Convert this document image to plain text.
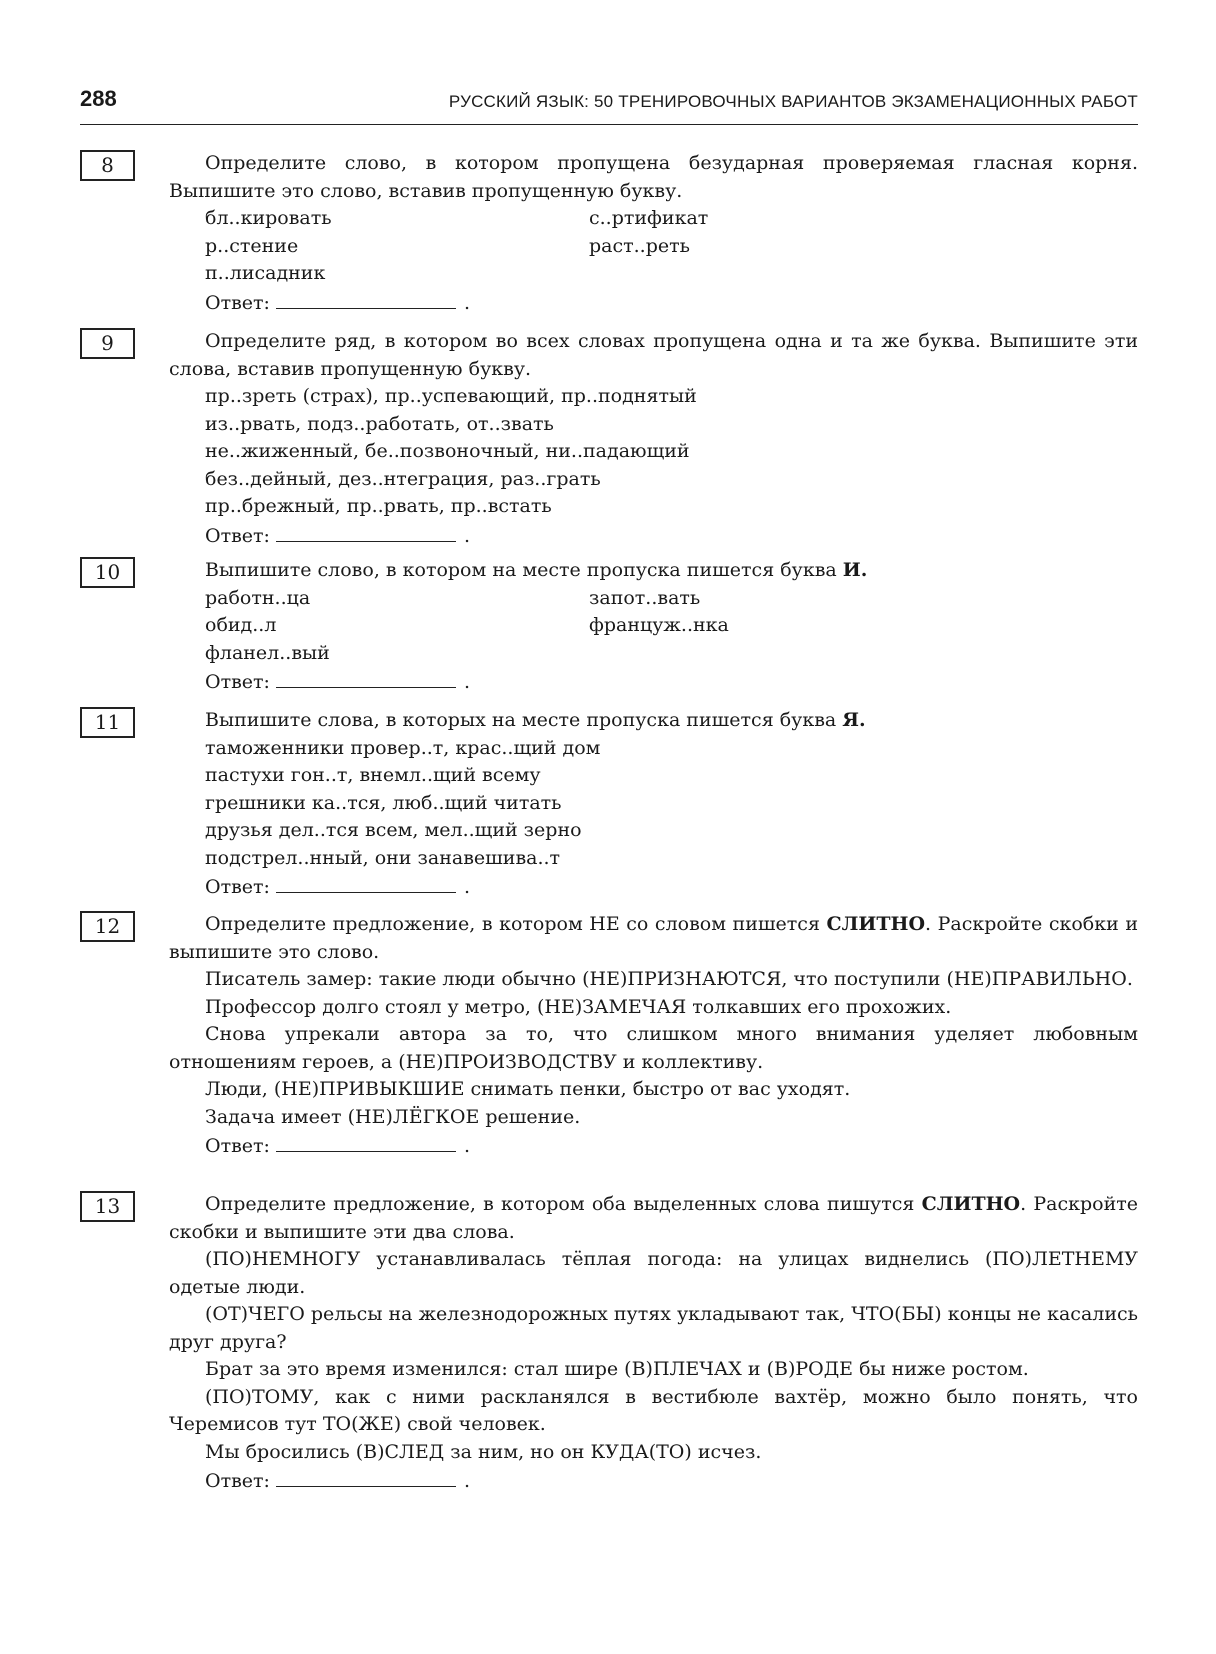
288	РУССКИЙ ЯЗЫК: 50 ТРЕНИРОВОЧНЫХ ВАРИАНТОВ ЭКЗАМЕНАЦИОННЫХ РАБОТ
8	Определите слово, в котором пропущена безударная проверяемая гласная корня. Выпишите это слово, вставив пропущенную букву.

бл..кировать	с..ртификат
р..стение	раст..реть
п..лисадник
Ответ:	.
9	Определите ряд, в котором во всех словах пропущена одна и та же буква. Выпишите эти слова, вставив пропущенную букву.

пр..зреть (страх), пр..успевающий, пр..поднятый

из..рвать, подз..работать, от..звать

не..жиженный, бе..позвоночный, ни..падающий

без..дейный, дез..нтеграция, раз..грать

пр..брежный, пр..рвать, пр..встать

Ответ:	.
10	Выпишите слово, в котором на месте пропуска пишется буква И.

работн..ца	запот..вать
обид..л	француж..нка
фланел..вый
Ответ:	.
11	Выпишите слова, в которых на месте пропуска пишется буква Я.

таможенники провер..т, крас..щий дом

пастухи гон..т, внемл..щий всему

грешники ка..тся, люб..щий читать

друзья дел..тся всем, мел..щий зерно

подстрел..нный, они занавешива..т

Ответ:	.
12	Определите предложение, в котором НЕ со словом пишется СЛИТНО. Раскройте скобки и выпишите это слово.

Писатель замер: такие люди обычно (НЕ)ПРИЗНАЮТСЯ, что поступили (НЕ)ПРАВИЛЬНО.

Профессор долго стоял у метро, (НЕ)ЗАМЕЧАЯ толкавших его прохожих.

Снова упрекали автора за то, что слишком много внимания уделяет любовным отношениям героев, а (НЕ)ПРОИЗВОДСТВУ и коллективу.

Люди, (НЕ)ПРИВЫКШИЕ снимать пенки, быстро от вас уходят.

Задача имеет (НЕ)ЛЁГКОЕ решение.

Ответ:	.
13	Определите предложение, в котором оба выделенных слова пишутся СЛИТНО. Раскройте скобки и выпишите эти два слова.

(ПО)НЕМНОГУ устанавливалась тёплая погода: на улицах виднелись (ПО)ЛЕТНЕМУ одетые люди.

(ОТ)ЧЕГО рельсы на железнодорожных путях укладывают так, ЧТО(БЫ) концы не касались друг друга?

Брат за это время изменился: стал шире (В)ПЛЕЧАХ и (В)РОДЕ бы ниже ростом.

(ПО)ТОМУ, как с ними раскланялся в вестибюле вахтёр, можно было понять, что Черемисов тут ТО(ЖЕ) свой человек.

Мы бросились (В)СЛЕД за ним, но он КУДА(ТО) исчез.

Ответ:	.
